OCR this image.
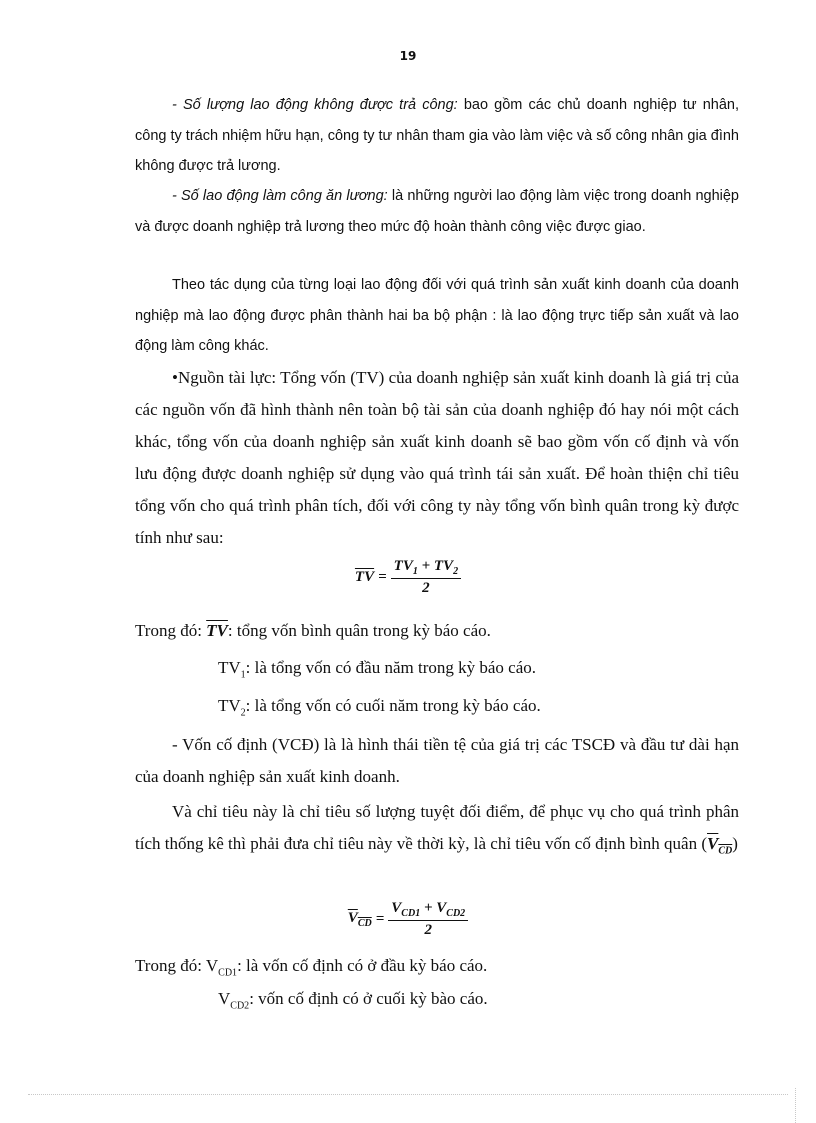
19

- Số lượng lao động không được trả công: bao gồm các chủ doanh nghiệp tư nhân, công ty trách nhiệm hữu hạn, công ty tư nhân tham gia vào làm việc và số công nhân gia đình không được trả lương.

- Số lao động làm công ăn lương: là những người lao động làm việc trong doanh nghiệp và được doanh nghiệp trả lương theo mức độ hoàn thành công việc được giao.

Theo tác dụng của từng loại lao động đối với quá trình sản xuất kinh doanh của doanh nghiệp mà lao động được phân thành hai ba bộ phận : là lao động trực tiếp sản xuất và lao động làm công khác.

•Nguồn tài lực: Tổng vốn (TV) của doanh nghiệp sản xuất kinh doanh là giá trị của các nguồn vốn đã hình thành nên toàn bộ tài sản của doanh nghiệp đó hay nói một cách khác, tổng vốn của doanh nghiệp sản xuất kinh doanh sẽ bao gồm vốn cố định và vốn lưu động được doanh nghiệp sử dụng vào quá trình tái sản xuất. Để hoàn thiện chỉ tiêu tổng vốn cho quá trình phân tích, đối với công ty này tổng vốn bình quân trong kỳ được tính như sau:

$\overline{TV} = \frac{TV_1 + TV_2}{2}$
Trong đó: $\overline{TV}$: tổng vốn bình quân trong kỳ báo cáo.
$TV_1$: là tổng vốn có đầu năm trong kỳ báo cáo.
$TV_2$: là tổng vốn có cuối năm trong kỳ báo cáo.

- Vốn cố định (VCĐ) là là hình thái tiền tệ của giá trị các TSCĐ và đầu tư dài hạn của doanh nghiệp sản xuất kinh doanh.

Và chỉ tiêu này là chỉ tiêu số lượng tuyệt đối điểm, để phục vụ cho quá trình phân tích thống kê thì phải đưa chỉ tiêu này về thời kỳ, là chỉ tiêu vốn cố định bình quân $(V_{CD})$

$V_{CD} = \frac{V_{CD1} + V_{CD2}}{2}$
Trong đó: $V_{CD1}$: là vốn cố định có ở đầu kỳ báo cáo.
$V_{CD2}$: vốn cố định có ở cuối kỳ bào cáo.
